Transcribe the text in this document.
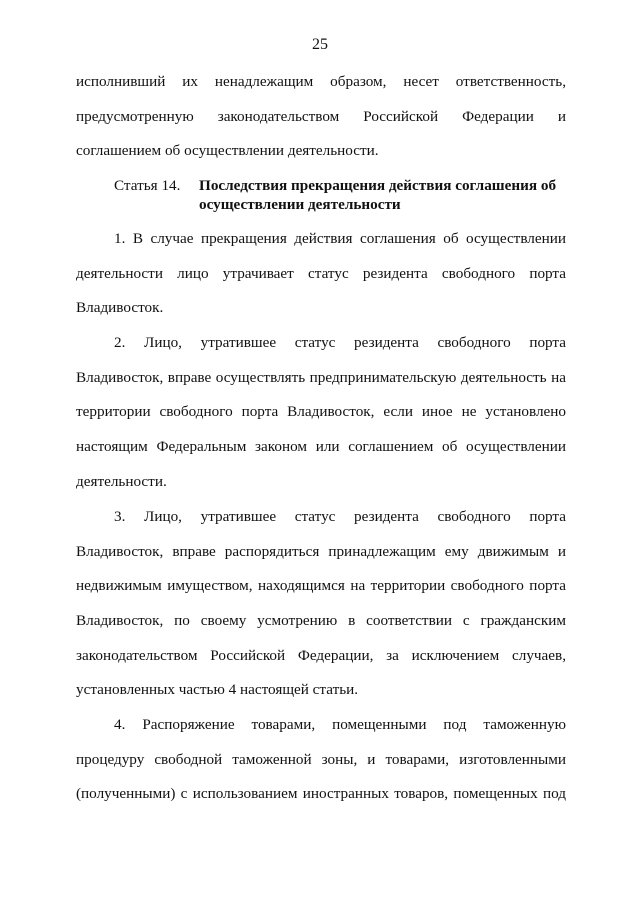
25
исполнивший их ненадлежащим образом, несет ответственность,
предусмотренную законодательством Российской Федерации и
соглашением об осуществлении деятельности.
Статья 14. Последствия прекращения действия соглашения об осуществлении деятельности
1. В случае прекращения действия соглашения об осуществлении
деятельности лицо утрачивает статус резидента свободного порта
Владивосток.
2. Лицо, утратившее статус резидента свободного порта
Владивосток, вправе осуществлять предпринимательскую деятельность на
территории свободного порта Владивосток, если иное не установлено
настоящим Федеральным законом или соглашением об осуществлении
деятельности.
3. Лицо, утратившее статус резидента свободного порта
Владивосток, вправе распорядиться принадлежащим ему движимым и
недвижимым имуществом, находящимся на территории свободного порта
Владивосток, по своему усмотрению в соответствии с гражданским
законодательством Российской Федерации, за исключением случаев,
установленных частью 4 настоящей статьи.
4. Распоряжение товарами, помещенными под таможенную
процедуру свободной таможенной зоны, и товарами, изготовленными
(полученными) с использованием иностранных товаров, помещенных под
